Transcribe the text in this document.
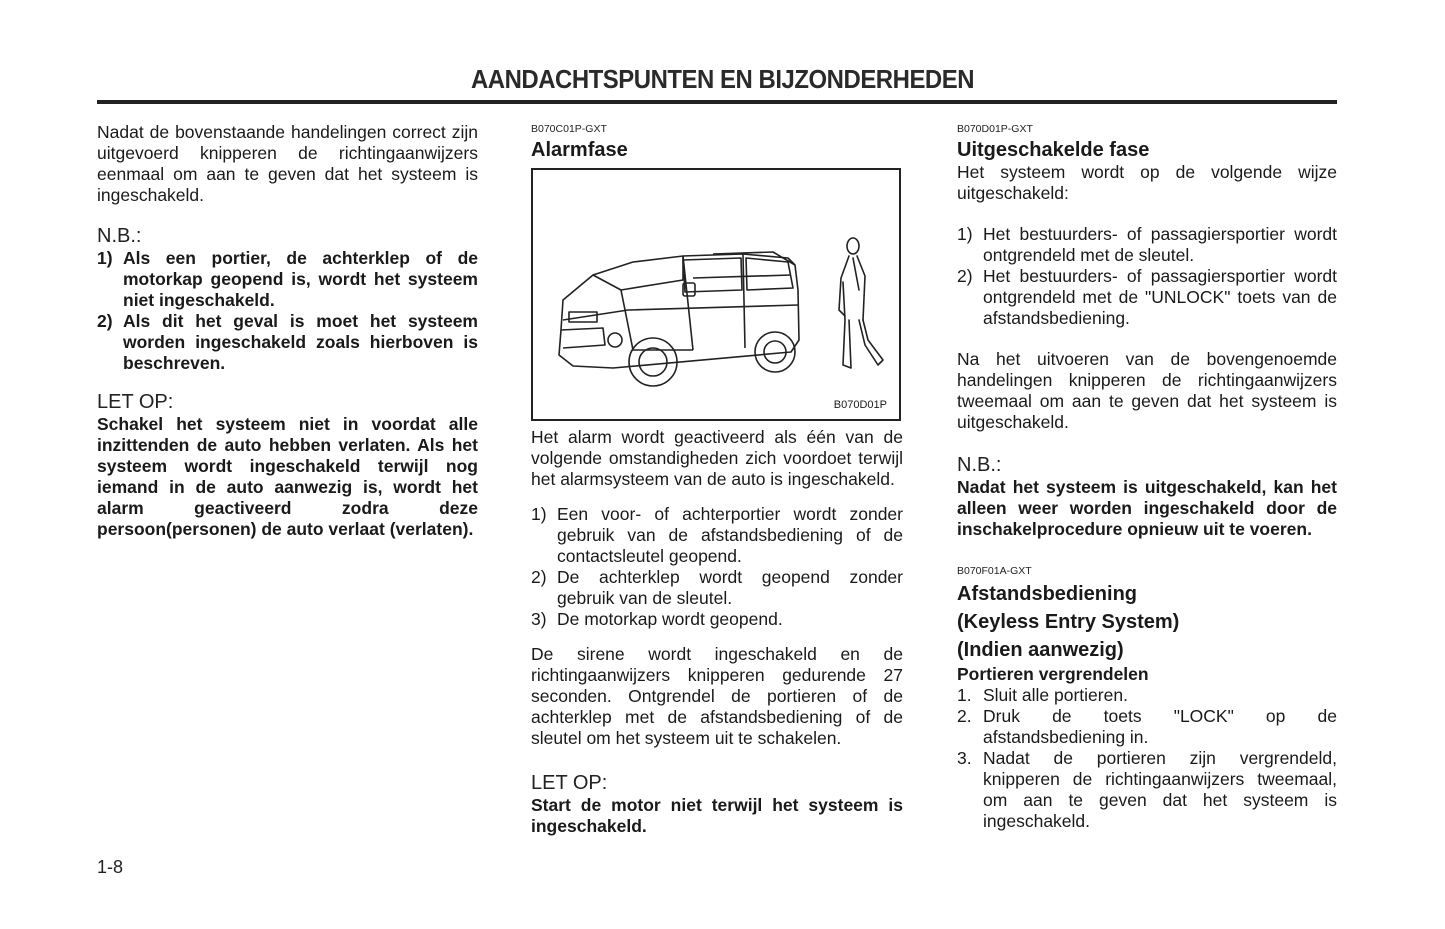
AANDACHTSPUNTEN EN BIJZONDERHEDEN

Nadat de bovenstaande handelingen correct zijn uitgevoerd knipperen de richtingaanwijzers eenmaal om aan te geven dat het systeem is ingeschakeld.

N.B.:
1) Als een portier, de achterklep of de motorkap geopend is, wordt het systeem niet ingeschakeld.
2) Als dit het geval is moet het systeem worden ingeschakeld zoals hierboven is beschreven.
LET OP:

Schakel het systeem niet in voordat alle inzittenden de auto hebben verlaten. Als het systeem wordt ingeschakeld terwijl nog iemand in de auto aanwezig is, wordt het alarm geactiveerd zodra deze persoon(personen) de auto verlaat (verlaten).

B070C01P-GXT
Alarmfase
B070D01P

Het alarm wordt geactiveerd als één van de volgende omstandigheden zich voordoet terwijl het alarmsysteem van de auto is ingeschakeld.

1) Een voor- of achterportier wordt zonder gebruik van de afstandsbediening of de contactsleutel geopend.
2) De achterklep wordt geopend zonder gebruik van de sleutel.
3) De motorkap wordt geopend.

De sirene wordt ingeschakeld en de richtingaanwijzers knipperen gedurende 27 seconden. Ontgrendel de portieren of de achterklep met de afstandsbediening of de sleutel om het systeem uit te schakelen.

LET OP:

Start de motor niet terwijl het systeem is ingeschakeld.

B070D01P-GXT
Uitgeschakelde fase

Het systeem wordt op de volgende wijze uitgeschakeld:

1) Het bestuurders- of passagiersportier wordt ontgrendeld met de sleutel.
2) Het bestuurders- of passagiersportier wordt ontgrendeld met de "UNLOCK" toets van de afstandsbediening.

Na het uitvoeren van de bovengenoemde handelingen knipperen de richtingaanwijzers tweemaal om aan te geven dat het systeem is uitgeschakeld.

N.B.:

Nadat het systeem is uitgeschakeld, kan het alleen weer worden ingeschakeld door de inschakelprocedure opnieuw uit te voeren.

B070F01A-GXT
Afstandsbediening
(Keyless Entry System)
(Indien aanwezig)
Portieren vergrendelen
1. Sluit alle portieren.
2. Druk de toets "LOCK" op de afstandsbediening in.
3. Nadat de portieren zijn vergrendeld, knipperen de richtingaanwijzers tweemaal, om aan te geven dat het systeem is ingeschakeld.
1-8
